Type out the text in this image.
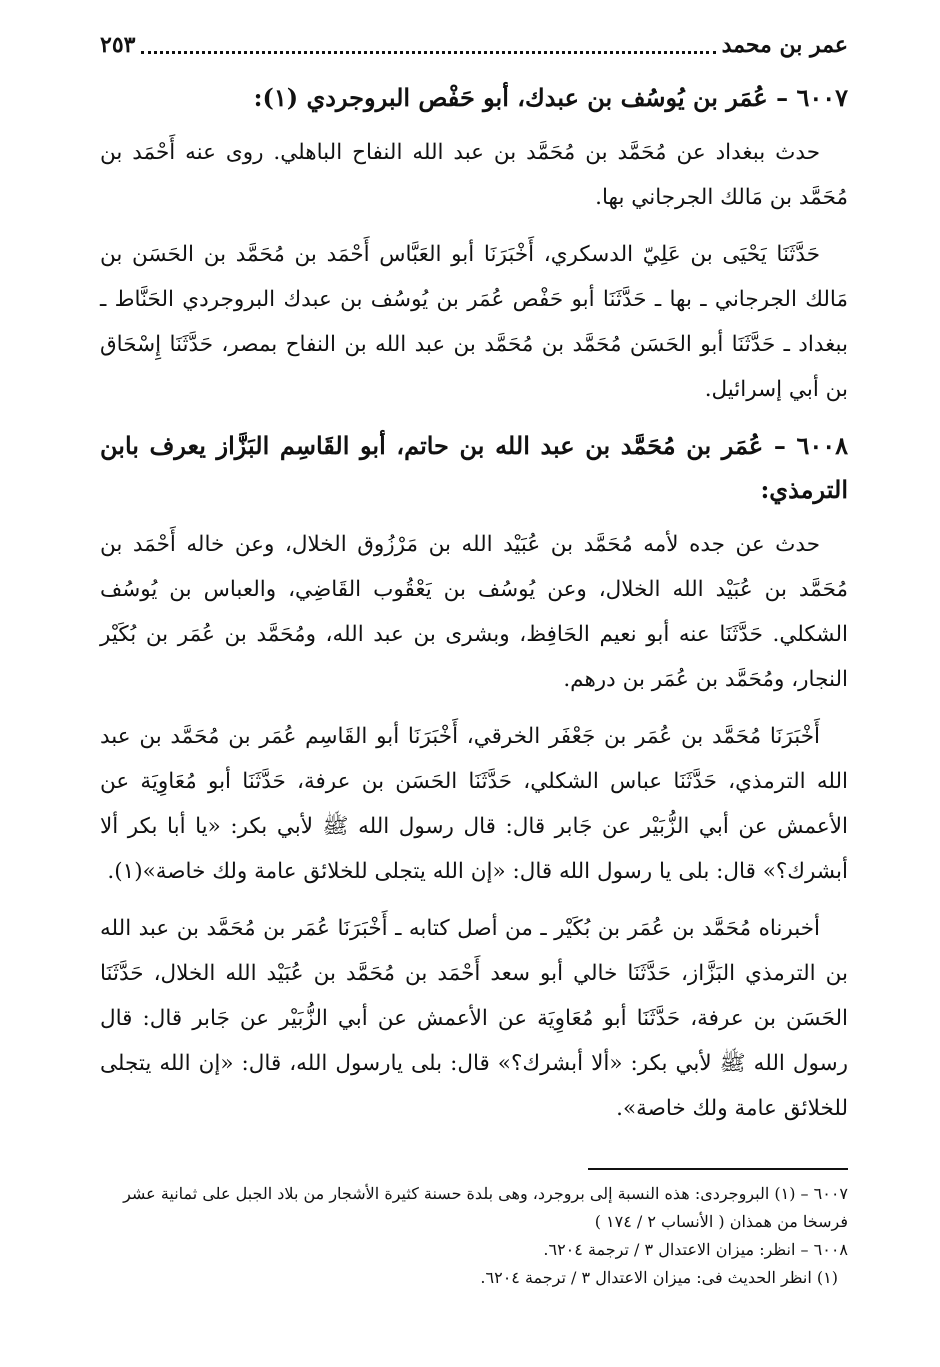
عمر بن محمد
٢٥٣
٦٠٠٧ – عُمَر بن يُوسُف بن عبدك، أبو حَفْص البروجردي (١):

حدث ببغداد عن مُحَمَّد بن مُحَمَّد بن عبد الله النفاح الباهلي. روى عنه أَحْمَد بن مُحَمَّد بن مَالك الجرجاني بها.

حَدَّثَنَا يَحْيَى بن عَلِيّ الدسكري، أَخْبَرَنَا أبو العَبَّاس أَحْمَد بن مُحَمَّد بن الحَسَن بن مَالك الجرجاني ـ بها ـ حَدَّثَنَا أبو حَفْص عُمَر بن يُوسُف بن عبدك البروجردي الحَنَّاط ـ ببغداد ـ حَدَّثَنَا أبو الحَسَن مُحَمَّد بن مُحَمَّد بن عبد الله بن النفاح بمصر، حَدَّثَنَا إِسْحَاق بن أبي إسرائيل.

٦٠٠٨ – عُمَر بن مُحَمَّد بن عبد الله بن حاتم، أبو القَاسِم البَزَّاز يعرف بابن الترمذي:

حدث عن جده لأمه مُحَمَّد بن عُبَيْد الله بن مَرْزُوق الخلال، وعن خاله أَحْمَد بن مُحَمَّد بن عُبَيْد الله الخلال، وعن يُوسُف بن يَعْقُوب القَاضِي، والعباس بن يُوسُف الشكلي. حَدَّثَنَا عنه أبو نعيم الحَافِظ، وبشرى بن عبد الله، ومُحَمَّد بن عُمَر بن بُكَيْر النجار، ومُحَمَّد بن عُمَر بن درهم.

أَخْبَرَنَا مُحَمَّد بن عُمَر بن جَعْفَر الخرقي، أَخْبَرَنَا أبو القَاسِم عُمَر بن مُحَمَّد بن عبد الله الترمذي، حَدَّثَنَا عباس الشكلي، حَدَّثَنَا الحَسَن بن عرفة، حَدَّثَنَا أبو مُعَاوِيَة عن الأعمش عن أبي الزُّبَيْر عن جَابر قال: قال رسول الله ﷺ لأبي بكر: «يا أبا بكر ألا أبشرك؟» قال: بلى يا رسول الله قال: «إن الله يتجلى للخلائق عامة ولك خاصة»(١).

أخبرناه مُحَمَّد بن عُمَر بن بُكَيْر ـ من أصل كتابه ـ أَخْبَرَنَا عُمَر بن مُحَمَّد بن عبد الله بن الترمذي البَزَّاز، حَدَّثَنَا خالي أبو سعد أَحْمَد بن مُحَمَّد بن عُبَيْد الله الخلال، حَدَّثَنَا الحَسَن بن عرفة، حَدَّثَنَا أبو مُعَاوِيَة عن الأعمش عن أبي الزُّبَيْر عن جَابر قال: قال رسول الله ﷺ لأبي بكر: «ألا أبشرك؟» قال: بلى يارسول الله، قال: «إن الله يتجلى للخلائق عامة ولك خاصة».

٦٠٠٧ – (١) البروجردى: هذه النسبة إلى بروجرد، وهى بلدة حسنة كثيرة الأشجار من بلاد الجبل على ثمانية عشر فرسخا من همذان ( الأنساب ٢ / ١٧٤ )

٦٠٠٨ – انظر: ميزان الاعتدال ٣ / ترجمة ٦٢٠٤.

(١) انظر الحديث فى: ميزان الاعتدال ٣ / ترجمة ٦٢٠٤.
